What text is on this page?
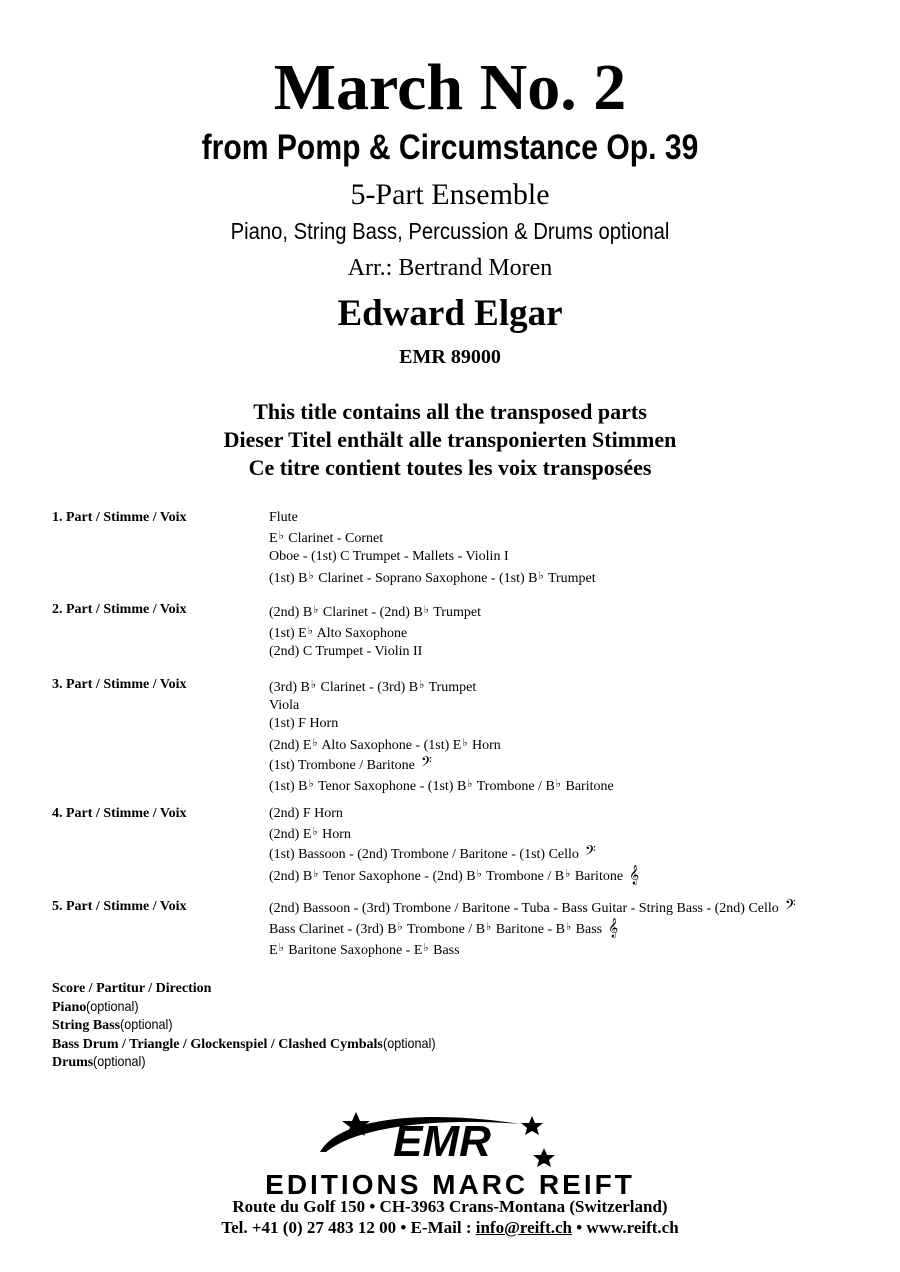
March No. 2
from Pomp & Circumstance Op. 39
5-Part Ensemble
Piano, String Bass, Percussion & Drums optional
Arr.: Bertrand Moren
Edward Elgar
EMR 89000
This title contains all the transposed parts
Dieser Titel enthält alle transponierten Stimmen
Ce titre contient toutes les voix transposées
1. Part / Stimme / Voix	Flute
E♭ Clarinet - Cornet
Oboe - (1st) C Trumpet - Mallets - Violin I
(1st) B♭ Clarinet - Soprano Saxophone - (1st) B♭ Trumpet
2. Part / Stimme / Voix	(2nd) B♭ Clarinet - (2nd) B♭ Trumpet
(1st) E♭ Alto Saxophone
(2nd) C Trumpet - Violin II
3. Part / Stimme / Voix	(3rd) B♭ Clarinet - (3rd) B♭ Trumpet
Viola
(1st) F Horn
(2nd) E♭ Alto Saxophone - (1st) E♭ Horn
(1st) Trombone / Baritone 𝄢
(1st) B♭ Tenor Saxophone - (1st) B♭ Trombone / B♭ Baritone
4. Part / Stimme / Voix	(2nd) F Horn
(2nd) E♭ Horn
(1st) Bassoon - (2nd) Trombone / Baritone - (1st) Cello 𝄢
(2nd) B♭ Tenor Saxophone - (2nd) B♭ Trombone / B♭ Baritone 𝄞
5. Part / Stimme / Voix	(2nd) Bassoon - (3rd) Trombone / Baritone - Tuba - Bass Guitar - String Bass - (2nd) Cello 𝄢
Bass Clarinet - (3rd) B♭ Trombone / B♭ Baritone - B♭ Bass 𝄞
E♭ Baritone Saxophone - E♭ Bass
Score / Partitur / Direction
Piano(optional)
String Bass(optional)
Bass Drum / Triangle / Glockenspiel / Clashed Cymbals(optional)
Drums(optional)
EMR
EDITIONS MARC REIFT
Route du Golf 150 • CH-3963 Crans-Montana (Switzerland)
Tel. +41 (0) 27 483 12 00 • E-Mail : info@reift.ch • www.reift.ch
